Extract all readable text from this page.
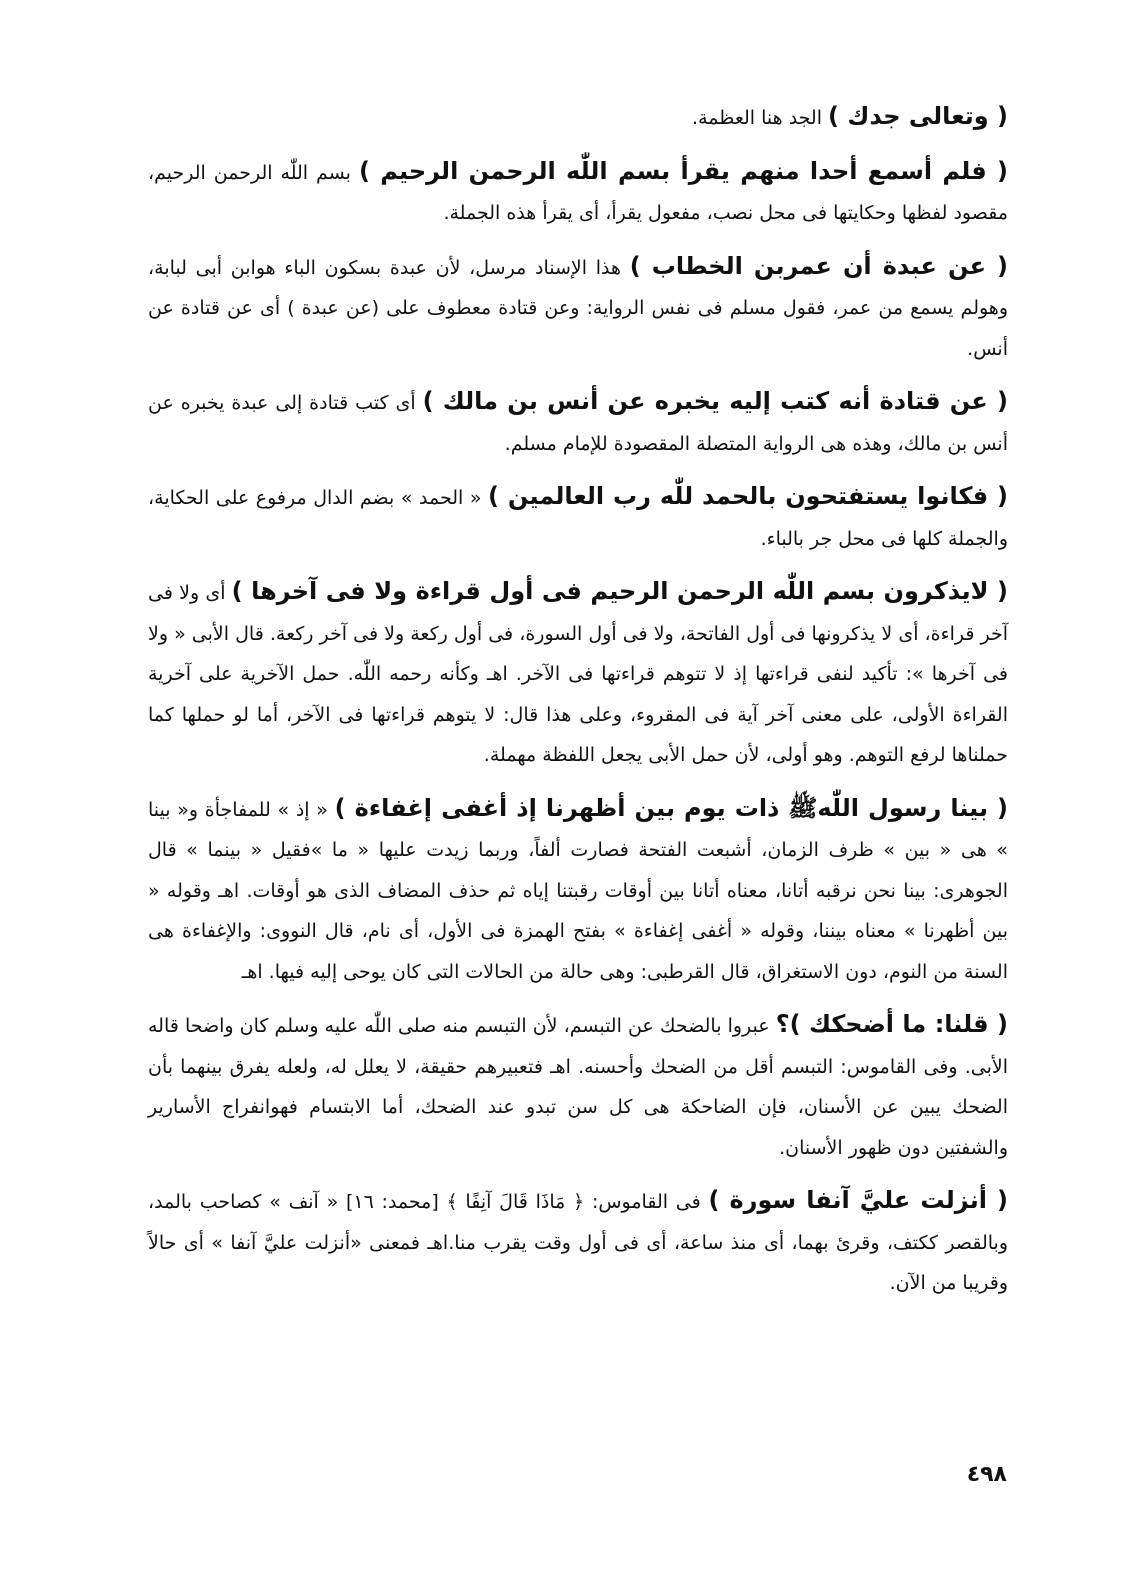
( وتعالى جدك ) الجد هنا العظمة.

( فلم أسمع أحدا منهم يقرأ بسم اللّٰه الرحمن الرحيم ) بسم اللّٰه الرحمن الرحيم، مقصود لفظها وحكايتها فى محل نصب، مفعول يقرأ، أى يقرأ هذه الجملة.

( عن عبدة أن عمربن الخطاب ) هذا الإسناد مرسل، لأن عبدة بسكون الباء هوابن أبى لبابة، وهولم يسمع من عمر، فقول مسلم فى نفس الرواية: وعن قتادة معطوف على (عن عبدة ) أى عن قتادة عن أنس.

( عن قتادة أنه كتب إليه يخبره عن أنس بن مالك ) أى كتب قتادة إلى عبدة يخبره عن أنس بن مالك، وهذه هى الرواية المتصلة المقصودة للإمام مسلم.

( فكانوا يستفتحون بالحمد للّٰه رب العالمين ) « الحمد » بضم الدال مرفوع على الحكاية، والجملة كلها فى محل جر بالباء.

( لايذكرون بسم اللّٰه الرحمن الرحيم فى أول قراءة ولا فى آخرها ) أى ولا فى آخر قراءة، أى لا يذكرونها فى أول الفاتحة، ولا فى أول السورة، فى أول ركعة ولا فى آخر ركعة. قال الأبى « ولا فى آخرها »: تأكيد لنفى قراءتها إذ لا تتوهم قراءتها فى الآخر. اهـ وكأنه رحمه اللّٰه. حمل الآخرية على آخرية القراءة الأولى، على معنى آخر آية فى المقروء، وعلى هذا قال: لا يتوهم قراءتها فى الآخر، أما لو حملها كما حملناها لرفع التوهم. وهو أولى، لأن حمل الأبى يجعل اللفظة مهملة.

( بينا رسول اللّٰهﷺ ذات يوم بين أظهرنا إذ أغفى إغفاءة ) « إذ » للمفاجأة و« بينا » هى « بين » ظرف الزمان، أشبعت الفتحة فصارت ألفاً، وربما زيدت عليها « ما »فقيل « بينما » قال الجوهرى: بينا نحن نرقبه أتانا، معناه أتانا بين أوقات رقبتنا إياه ثم حذف المضاف الذى هو أوقات. اهـ وقوله « بين أظهرنا » معناه بيننا، وقوله « أغفى إغفاءة » بفتح الهمزة فى الأول، أى نام، قال النووى: والإغفاءة هى السنة من النوم، دون الاستغراق، قال القرطبى: وهى حالة من الحالات التى كان يوحى إليه فيها. اهـ

( قلنا: ما أضحكك )؟ عبروا بالضحك عن التبسم، لأن التبسم منه صلى اللّٰه عليه وسلم كان واضحا قاله الأبى. وفى القاموس: التبسم أقل من الضحك وأحسنه. اهـ فتعبيرهم حقيقة، لا يعلل له، ولعله يفرق بينهما بأن الضحك يبين عن الأسنان، فإن الضاحكة هى كل سن تبدو عند الضحك، أما الابتسام فهوانفراج الأسارير والشفتين دون ظهور الأسنان.

( أنزلت عليَّ آنفا سورة ) فى القاموس: ﴿ مَاذَا قَالَ آنِفًا ﴾ [محمد: ١٦] « آنف » كصاحب بالمد، وبالقصر ككتف، وقرئ بهما، أى منذ ساعة، أى فى أول وقت يقرب منا.اهـ فمعنى «أنزلت عليَّ آنفا » أى حالاً وقريبا من الآن.

٤٩٨
